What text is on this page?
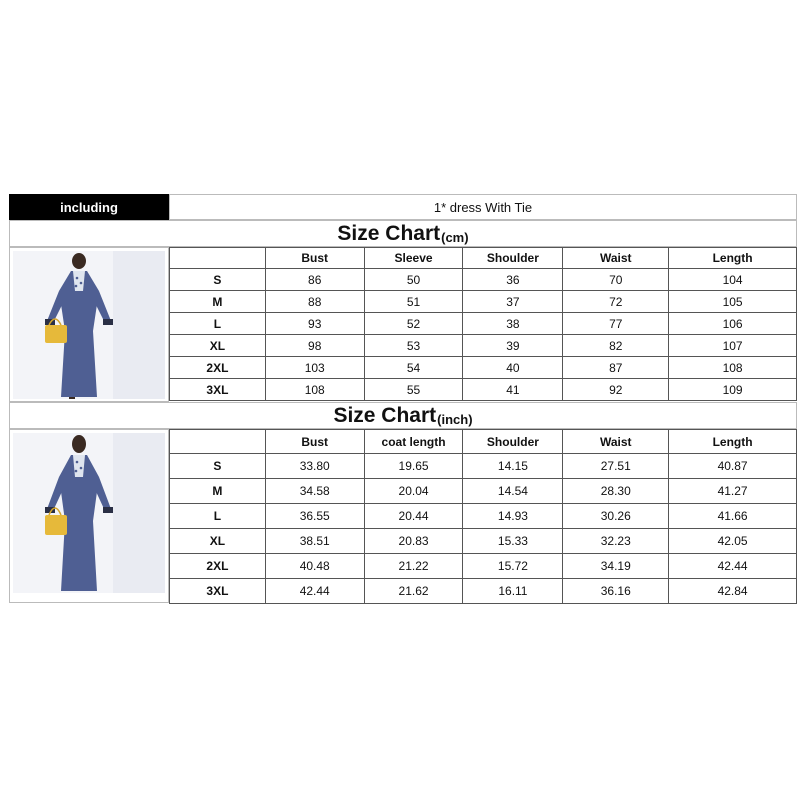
including	1* dress With Tie
Size Chart (cm)
	Bust	Sleeve	Shoulder	Waist	Length
S	86	50	36	70	104
M	88	51	37	72	105
L	93	52	38	77	106
XL	98	53	39	82	107
2XL	103	54	40	87	108
3XL	108	55	41	92	109
Size Chart (inch)
	Bust	coat length	Shoulder	Waist	Length
S	33.80	19.65	14.15	27.51	40.87
M	34.58	20.04	14.54	28.30	41.27
L	36.55	20.44	14.93	30.26	41.66
XL	38.51	20.83	15.33	32.23	42.05
2XL	40.48	21.22	15.72	34.19	42.44
3XL	42.44	21.62	16.11	36.16	42.84
